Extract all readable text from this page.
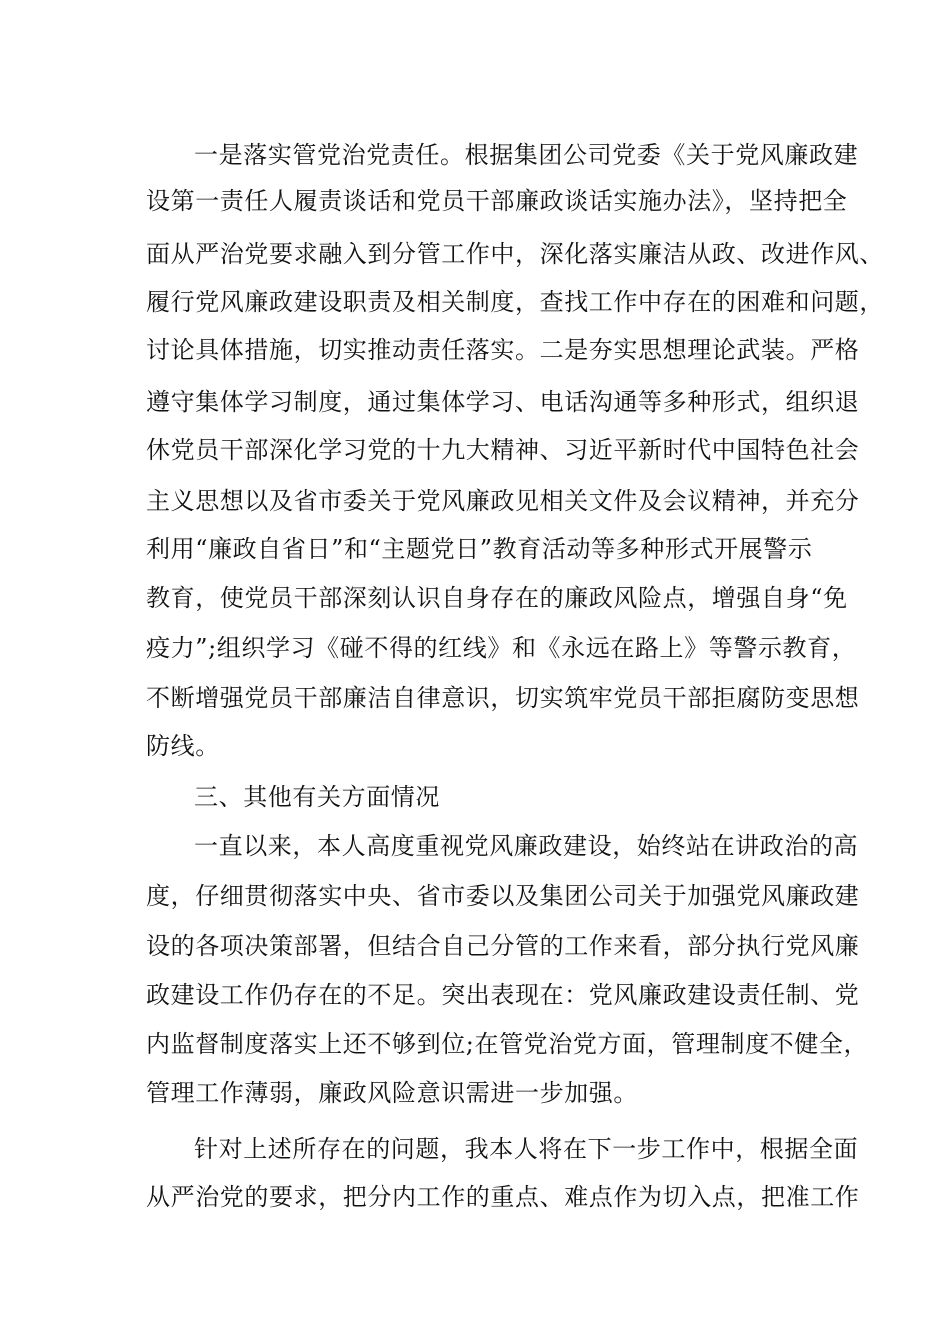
一是落实管党治党责任。根据集团公司党委《关于党风廉政建
设第一责任人履责谈话和党员干部廉政谈话实施办法》，坚持把全
面从严治党要求融入到分管工作中，深化落实廉洁从政、改进作风、
履行党风廉政建设职责及相关制度，查找工作中存在的困难和问题，
讨论具体措施，切实推动责任落实。二是夯实思想理论武装。严格
遵守集体学习制度，通过集体学习、电话沟通等多种形式，组织退
休党员干部深化学习党的十九大精神、习近平新时代中国特色社会
主义思想以及省市委关于党风廉政见相关文件及会议精神，并充分
利用“廉政自省日”和“主题党日”教育活动等多种形式开展警示
教育，使党员干部深刻认识自身存在的廉政风险点，增强自身“免
疫力”;组织学习《碰不得的红线》和《永远在路上》等警示教育，
不断增强党员干部廉洁自律意识，切实筑牢党员干部拒腐防变思想
防线。
三、其他有关方面情况
一直以来，本人高度重视党风廉政建设，始终站在讲政治的高
度，仔细贯彻落实中央、省市委以及集团公司关于加强党风廉政建
设的各项决策部署，但结合自己分管的工作来看，部分执行党风廉
政建设工作仍存在的不足。突出表现在：党风廉政建设责任制、党
内监督制度落实上还不够到位;在管党治党方面，管理制度不健全，
管理工作薄弱，廉政风险意识需进一步加强。
针对上述所存在的问题，我本人将在下一步工作中，根据全面
从严治党的要求，把分内工作的重点、难点作为切入点，把准工作
